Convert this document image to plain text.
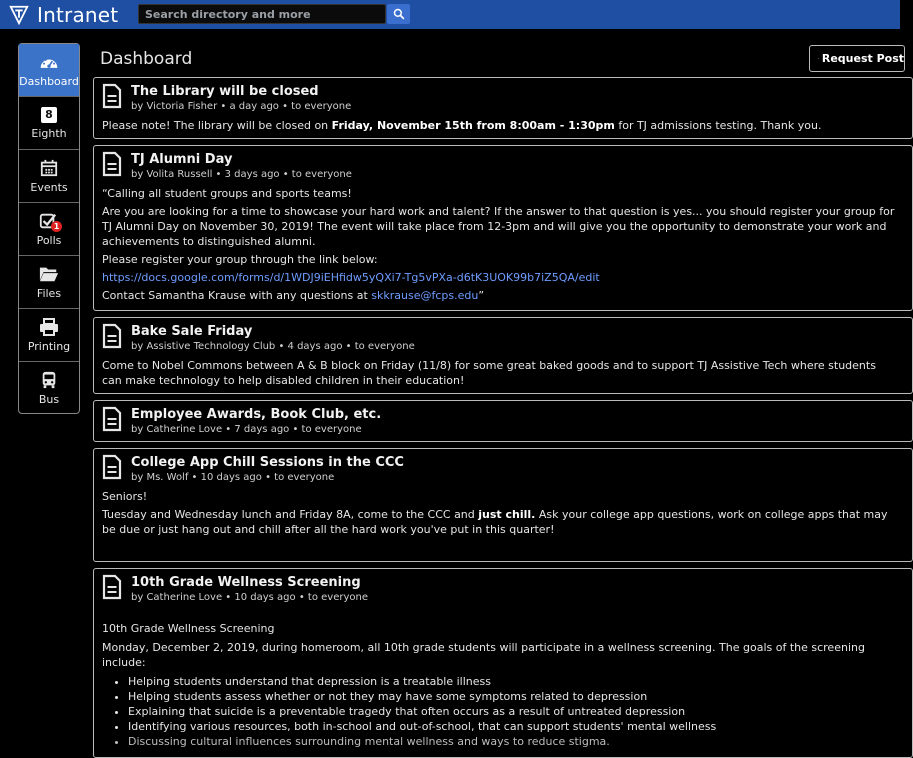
Intranet	Search directory and more
Dashboard
8
Eighth
Events
1
Polls
Files
Printing
Bus
Dashboard	Request Post
The Library will be closed
by Victoria Fisher • a day ago • to everyone

Please note! The library will be closed on Friday, November 15th from 8:00am - 1:30pm for TJ admissions testing. Thank you.

TJ Alumni Day
by Volita Russell • 3 days ago • to everyone

“Calling all student groups and sports teams!

Are you are looking for a time to showcase your hard work and talent? If the answer to that question is yes... you should register your group for TJ Alumni Day on November 30, 2019! The event will take place from 12-3pm and will give you the opportunity to demonstrate your work and achievements to distinguished alumni.

Please register your group through the link below:

https://docs.google.com/forms/d/1WDJ9iEHfidw5yQXi7-Tg5vPXa-d6tK3UOK99b7iZ5QA/edit

Contact Samantha Krause with any questions at skkrause@fcps.edu”

Bake Sale Friday
by Assistive Technology Club • 4 days ago • to everyone

Come to Nobel Commons between A & B block on Friday (11/8) for some great baked goods and to support TJ Assistive Tech where students can make technology to help disabled children in their education!

Employee Awards, Book Club, etc.
by Catherine Love • 7 days ago • to everyone
College App Chill Sessions in the CCC
by Ms. Wolf • 10 days ago • to everyone

Seniors!

Tuesday and Wednesday lunch and Friday 8A, come to the CCC and just chill. Ask your college app questions, work on college apps that may be due or just hang out and chill after all the hard work you've put in this quarter!

10th Grade Wellness Screening
by Catherine Love • 10 days ago • to everyone

10th Grade Wellness Screening

Monday, December 2, 2019, during homeroom, all 10th grade students will participate in a wellness screening. The goals of the screening include:

• Helping students understand that depression is a treatable illness
• Helping students assess whether or not they may have some symptoms related to depression
• Explaining that suicide is a preventable tragedy that often occurs as a result of untreated depression
• Identifying various resources, both in-school and out-of-school, that can support students' mental wellness
• Discussing cultural influences surrounding mental wellness and ways to reduce stigma.
